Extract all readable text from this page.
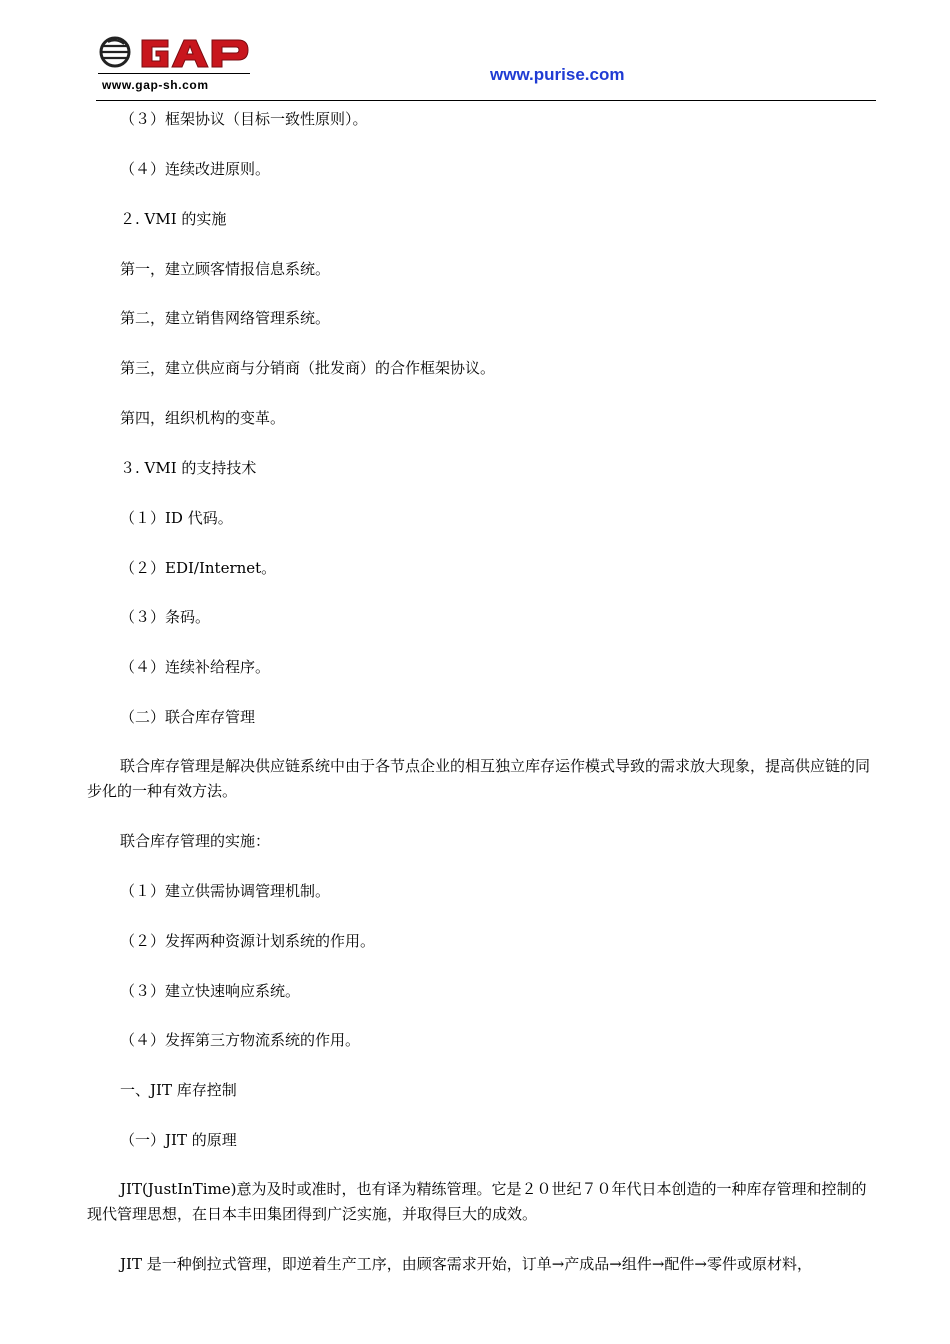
www.gap-sh.com
www.purise.com
（３）框架协议（目标一致性原则）。
（４）连续改进原则。
２. VMI 的实施
第一，建立顾客情报信息系统。
第二，建立销售网络管理系统。
第三，建立供应商与分销商（批发商）的合作框架协议。
第四，组织机构的变革。
３. VMI 的支持技术
（１）ID 代码。
（２）EDI/Internet。
（３）条码。
（４）连续补给程序。
（二）联合库存管理
联合库存管理是解决供应链系统中由于各节点企业的相互独立库存运作模式导致的需求放大现象，提高供应链的同步化的一种有效方法。
联合库存管理的实施：
（１）建立供需协调管理机制。
（２）发挥两种资源计划系统的作用。
（３）建立快速响应系统。
（４）发挥第三方物流系统的作用。
一、JIT 库存控制
（一）JIT 的原理
JIT(JustInTime)意为及时或准时，也有译为精练管理。它是２０世纪７０年代日本创造的一种库存管理和控制的现代管理思想，在日本丰田集团得到广泛实施，并取得巨大的成效。
JIT 是一种倒拉式管理，即逆着生产工序，由顾客需求开始，订单→产成品→组件→配件→零件或原材料，
